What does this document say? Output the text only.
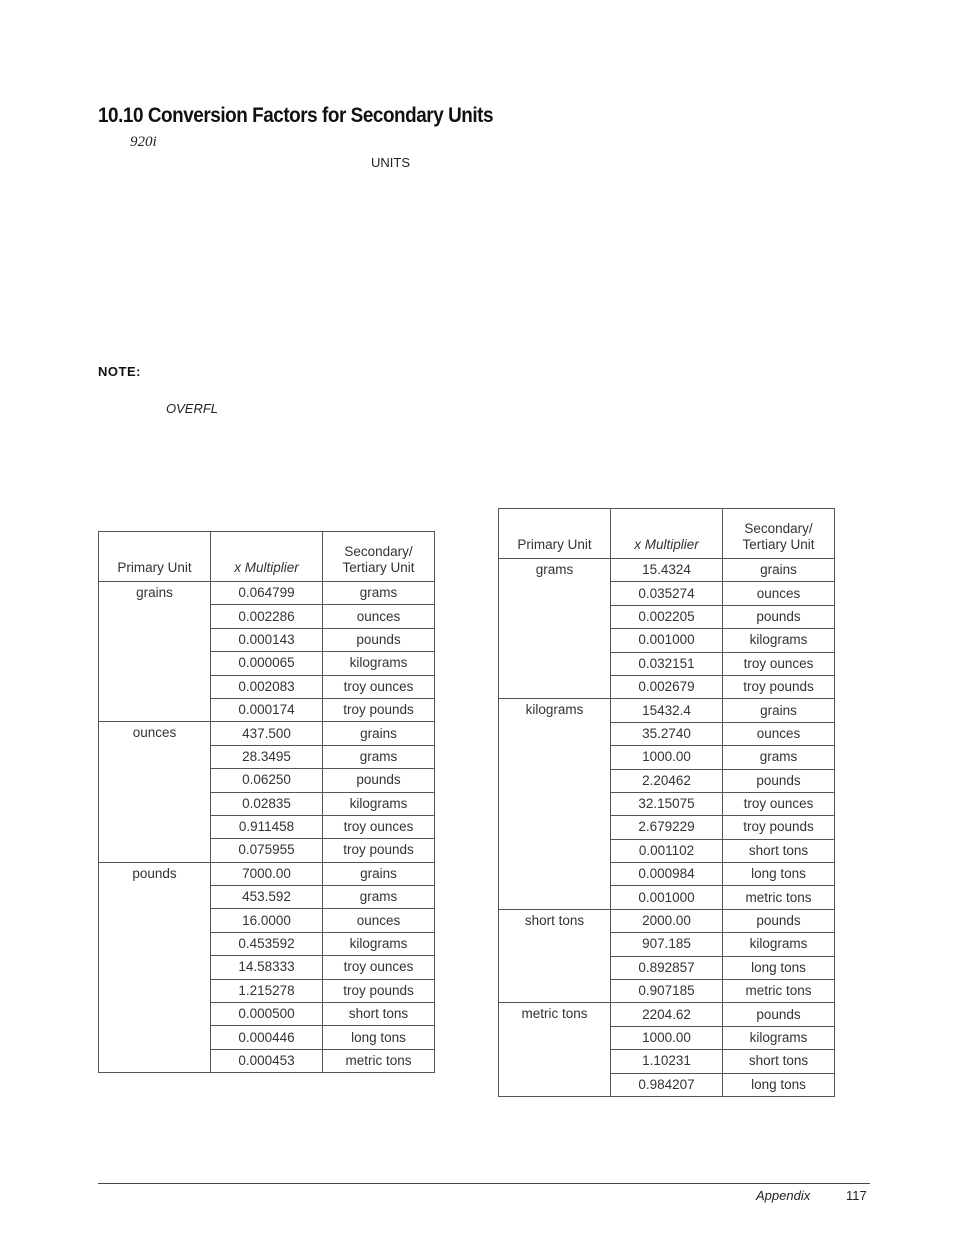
10.10 Conversion Factors for Secondary Units
920i
UNITS
NOTE:
OVERFL
Primary Unit	x Multiplier	Secondary/
Tertiary Unit
grains	0.064799	grams
	0.002286	ounces
	0.000143	pounds
	0.000065	kilograms
	0.002083	troy ounces
	0.000174	troy pounds
ounces	437.500	grains
	28.3495	grams
	0.06250	pounds
	0.02835	kilograms
	0.911458	troy ounces
	0.075955	troy pounds
pounds	7000.00	grains
	453.592	grams
	16.0000	ounces
	0.453592	kilograms
	14.58333	troy ounces
	1.215278	troy pounds
	0.000500	short tons
	0.000446	long tons
	0.000453	metric tons
Primary Unit	x Multiplier	Secondary/
Tertiary Unit
grams	15.4324	grains
	0.035274	ounces
	0.002205	pounds
	0.001000	kilograms
	0.032151	troy ounces
	0.002679	troy pounds
kilograms	15432.4	grains
	35.2740	ounces
	1000.00	grams
	2.20462	pounds
	32.15075	troy ounces
	2.679229	troy pounds
	0.001102	short tons
	0.000984	long tons
	0.001000	metric tons
short tons	2000.00	pounds
	907.185	kilograms
	0.892857	long tons
	0.907185	metric tons
metric tons	2204.62	pounds
	1000.00	kilograms
	1.10231	short tons
	0.984207	long tons
Appendix	117
